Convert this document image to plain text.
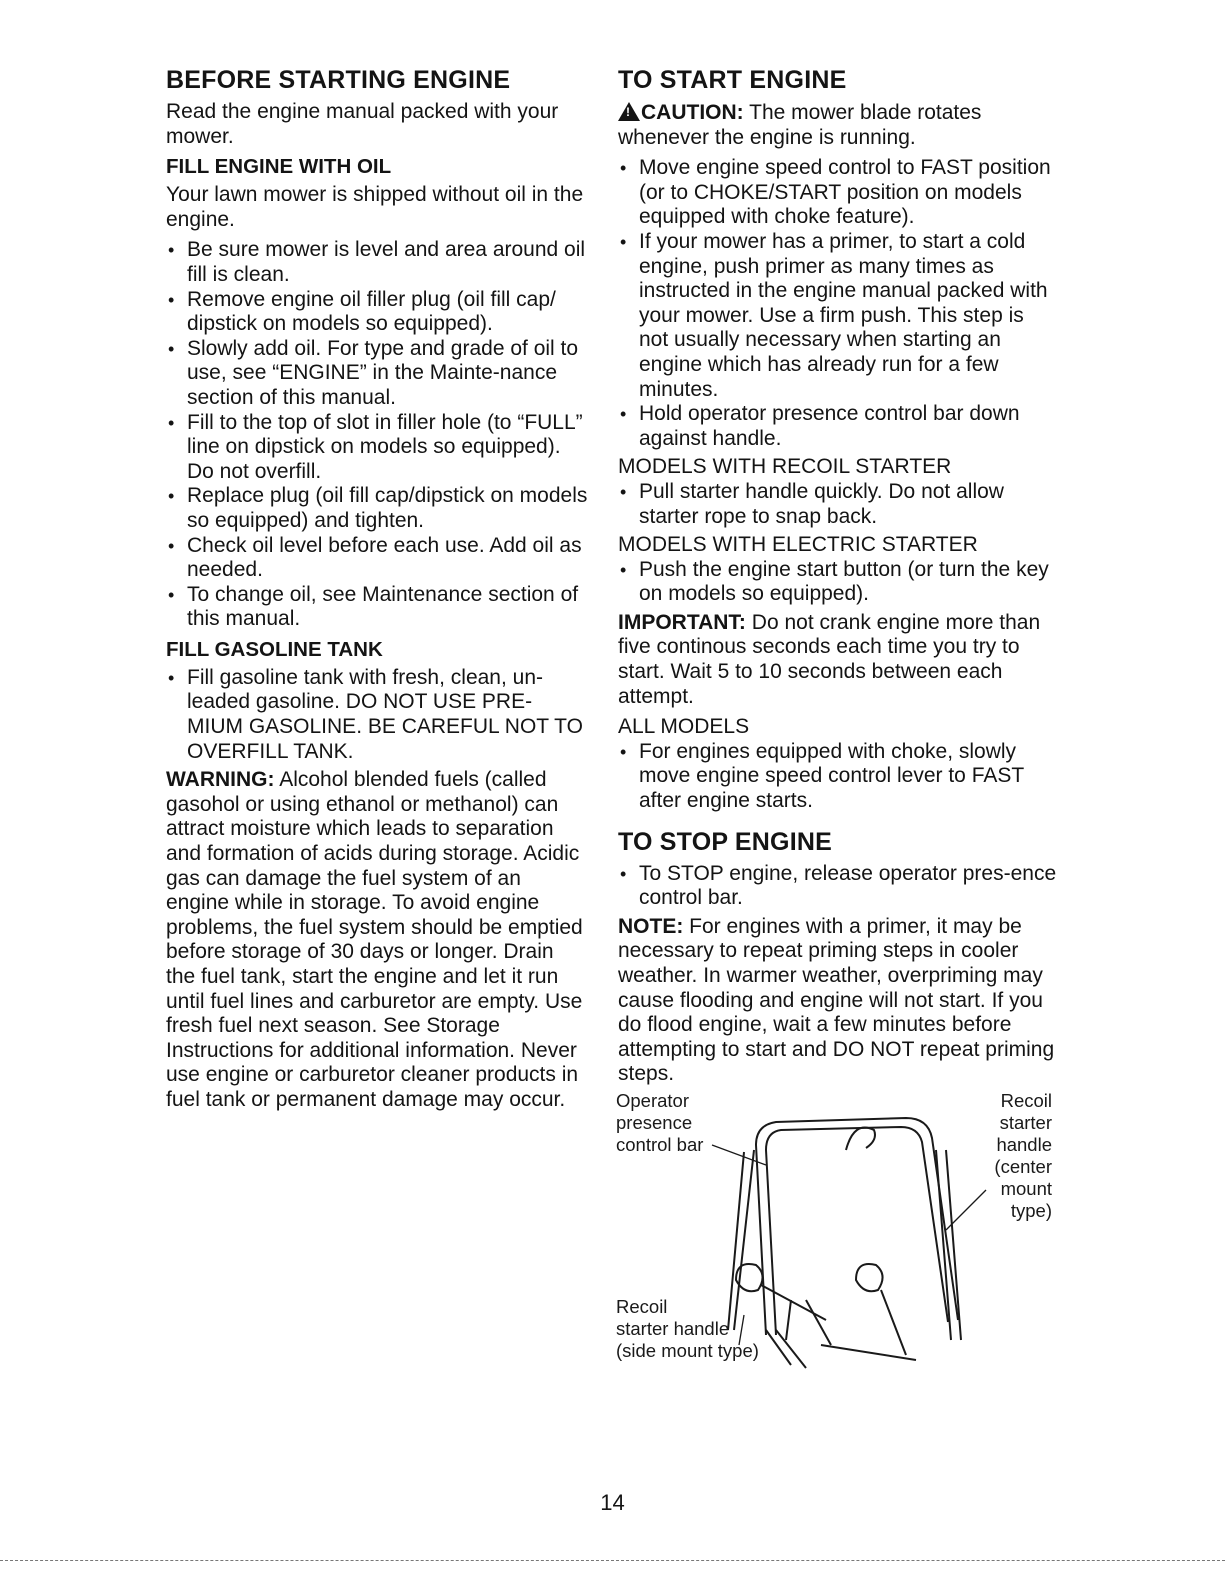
BEFORE STARTING ENGINE

Read the engine manual packed with your mower.

FILL ENGINE WITH OIL

Your lawn mower is shipped without oil in the engine.

• Be sure mower is level and area around oil fill is clean.
• Remove engine oil filler plug (oil fill cap/ dipstick on models so equipped).
• Slowly add oil. For type and grade of oil to use, see “ENGINE” in the Mainte-nance section of this manual.
• Fill to the top of slot in filler hole (to “FULL” line on dipstick on models so equipped). Do not overfill.
• Replace plug (oil fill cap/dipstick on models so equipped) and tighten.
• Check oil level before each use. Add oil as needed.
• To change oil, see Maintenance section of this manual.
FILL GASOLINE TANK
• Fill gasoline tank with fresh, clean, un-leaded gasoline. DO NOT USE PRE-MIUM GASOLINE. BE CAREFUL NOT TO OVERFILL TANK.

WARNING: Alcohol blended fuels (called gasohol or using ethanol or methanol) can attract moisture which leads to separation and formation of acids during storage. Acidic gas can damage the fuel system of an engine while in storage. To avoid engine problems, the fuel system should be emptied before storage of 30 days or longer. Drain the fuel tank, start the engine and let it run until fuel lines and carburetor are empty. Use fresh fuel next season. See Storage Instructions for additional information. Never use engine or carburetor cleaner products in fuel tank or permanent damage may occur.

TO START ENGINE

!CAUTION: The mower blade rotates whenever the engine is running.

• Move engine speed control to FAST position (or to CHOKE/START position on models equipped with choke feature).
• If your mower has a primer, to start a cold engine, push primer as many times as instructed in the engine manual packed with your mower. Use a firm push. This step is not usually necessary when starting an engine which has already run for a few minutes.
• Hold operator presence control bar down against handle.

MODELS WITH RECOIL STARTER

• Pull starter handle quickly. Do not allow starter rope to snap back.

MODELS WITH ELECTRIC STARTER

• Push the engine start button (or turn the key on models so equipped).

IMPORTANT: Do not crank engine more than five continous seconds each time you try to start. Wait 5 to 10 seconds between each attempt.

ALL MODELS

• For engines equipped with choke, slowly move engine speed control lever to FAST after engine starts.
TO STOP ENGINE
• To STOP engine, release operator pres-ence control bar.

NOTE: For engines with a primer, it may be necessary to repeat priming steps in cooler weather. In warmer weather, overpriming may cause flooding and engine will not start. If you do flood engine, wait a few minutes before attempting to start and DO NOT repeat priming steps.

Operator
presence
control bar
Recoil
starter
handle
(center
mount
type)
Recoil
starter handle
(side mount type)
14
